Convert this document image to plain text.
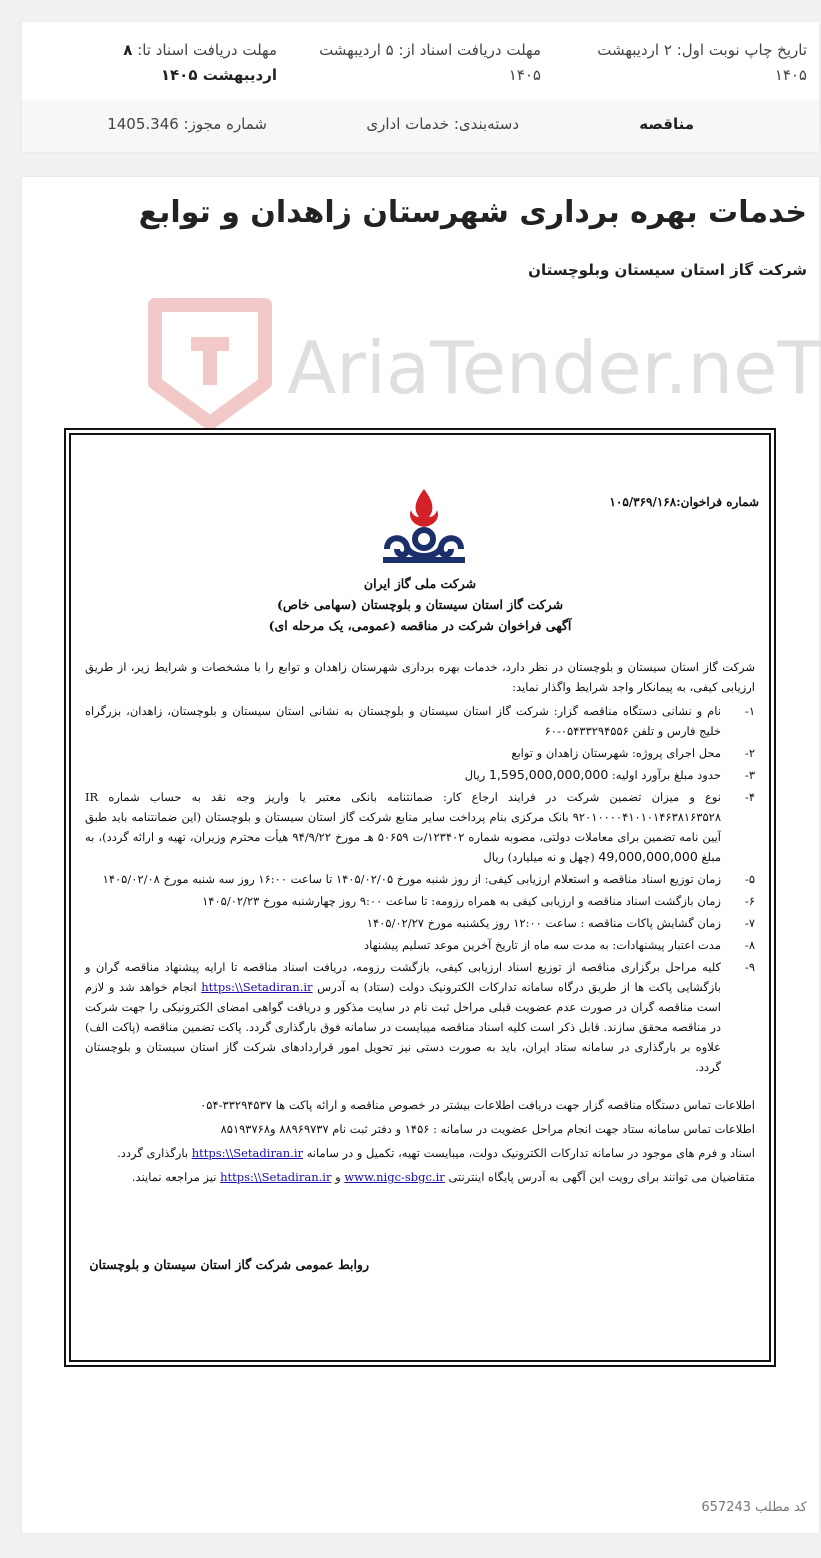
تاریخ چاپ نوبت اول: ۲ اردیبهشت ۱۴۰۵
مهلت دریافت اسناد از: ۵ اردیبهشت ۱۴۰۵
مهلت دریافت اسناد تا: ۸ اردیبهشت ۱۴۰۵
مناقصه
دسته‌بندی: خدمات اداری
شماره مجوز: 1405.346
خدمات بهره برداری شهرستان زاهدان و توابع
شرکت گاز استان سیستان وبلوچستان
AriaTender.neT
شماره فراخوان:۱۰۵/۳۶۹/۱۶۸
شرکت ملی گاز ایران
شرکت گاز استان سیستان و بلوچستان (سهامی خاص)
آگهی فراخوان شرکت در مناقصه (عمومی، یک مرحله ای)

شرکت گاز استان سیستان و بلوچستان در نظر دارد، خدمات بهره برداری شهرستان زاهدان و توابع را با مشخصات و شرایط زیر، از طریق ارزیابی کیفی، به پیمانکار واجد شرایط واگذار نماید:

۱-
نام و نشانی دستگاه مناقصه گزار: شرکت گاز استان سیستان و بلوچستان به نشانی استان سیستان و بلوچستان، زاهدان، بزرگراه خلیج فارس و تلفن ۰۵۴۳۳۲۹۴۵۵۶-۶۰
۲-
محل اجرای پروژه: شهرستان زاهدان و توابع
۳-
حدود مبلغ برآورد اولیه: 1,595,000,000,000 ریال
۴-
نوع و میزان تضمین شرکت در فرایند ارجاع کار: ضمانتنامه بانکی معتبر یا واریز وجه نقد به حساب شماره IR ۹۲۰۱۰۰۰۰۴۱۰۱۰۱۴۶۳۸۱۶۳۵۲۸ بانک مرکزی بنام پرداخت سایر منابع شرکت گاز استان سیستان و بلوچستان (این ضمانتنامه باید طبق آیین نامه تضمین برای معاملات دولتی، مصوبه شماره ۱۲۳۴۰۲/ت ۵۰۶۵۹ هـ مورخ ۹۴/۹/۲۲ هیأت محترم وزیران، تهیه و ارائه گردد)، به مبلغ 49,000,000,000 (چهل و نه میلیارد) ریال
۵-
زمان توزیع اسناد مناقصه و استعلام ارزیابی کیفی: از روز شنبه مورخ ۱۴۰۵/۰۲/۰۵ تا ساعت ۱۶:۰۰ روز سه شنبه مورخ ۱۴۰۵/۰۲/۰۸
۶-
زمان بازگشت اسناد مناقصه و ارزیابی کیفی به همراه رزومه: تا ساعت ۹:۰۰ روز چهارشنبه مورخ ۱۴۰۵/۰۲/۲۳
۷-
زمان گشایش پاکات مناقصه : ساعت ۱۲:۰۰ روز یکشنبه مورخ ۱۴۰۵/۰۲/۲۷
۸-
مدت اعتبار پیشنهادات: به مدت سه ماه از تاریخ آخرین موعد تسلیم پیشنهاد
۹-
کلیه مراحل برگزاری مناقصه از توزیع اسناد ارزیابی کیفی، بازگشت رزومه، دریافت اسناد مناقصه تا ارایه پیشنهاد مناقصه گران و بازگشایی پاکت ها از طریق درگاه سامانه تدارکات الکترونیک دولت (ستاد) به آدرس https:\\Setadiran.ir انجام خواهد شد و لازم است مناقصه گران در صورت عدم عضویت قبلی مراحل ثبت نام در سایت مذکور و دریافت گواهی امضای الکترونیکی را جهت شرکت در مناقصه محقق سازند. قابل ذکر است کلیه اسناد مناقصه میبایست در سامانه فوق بارگذاری گردد. پاکت تضمین مناقصه (پاکت الف) علاوه بر بارگذاری در سامانه ستاد ایران، باید به صورت دستی نیز تحویل امور قراردادهای شرکت گاز استان سیستان و بلوچستان گردد.

اطلاعات تماس دستگاه مناقصه گزار جهت دریافت اطلاعات بیشتر در خصوص مناقصه و ارائه پاکت ها ۳۳۲۹۴۵۳۷-۰۵۴

اطلاعات تماس سامانه ستاد جهت انجام مراحل عضویت در سامانه : ۱۴۵۶ و دفتر ثبت نام ۸۸۹۶۹۷۳۷ و۸۵۱۹۳۷۶۸

اسناد و فرم های موجود در سامانه تدارکات الکترونیک دولت، میبایست تهیه، تکمیل و در سامانه https:\\Setadiran.ir بارگذاری گردد.

متقاضیان می توانند برای رویت این آگهی به آدرس پایگاه اینترنتی www.nigc-sbgc.ir و https:\\Setadiran.ir نیز مراجعه نمایند.

روابط عمومی شرکت گاز استان سیستان و بلوچستان
کد مطلب 657243
